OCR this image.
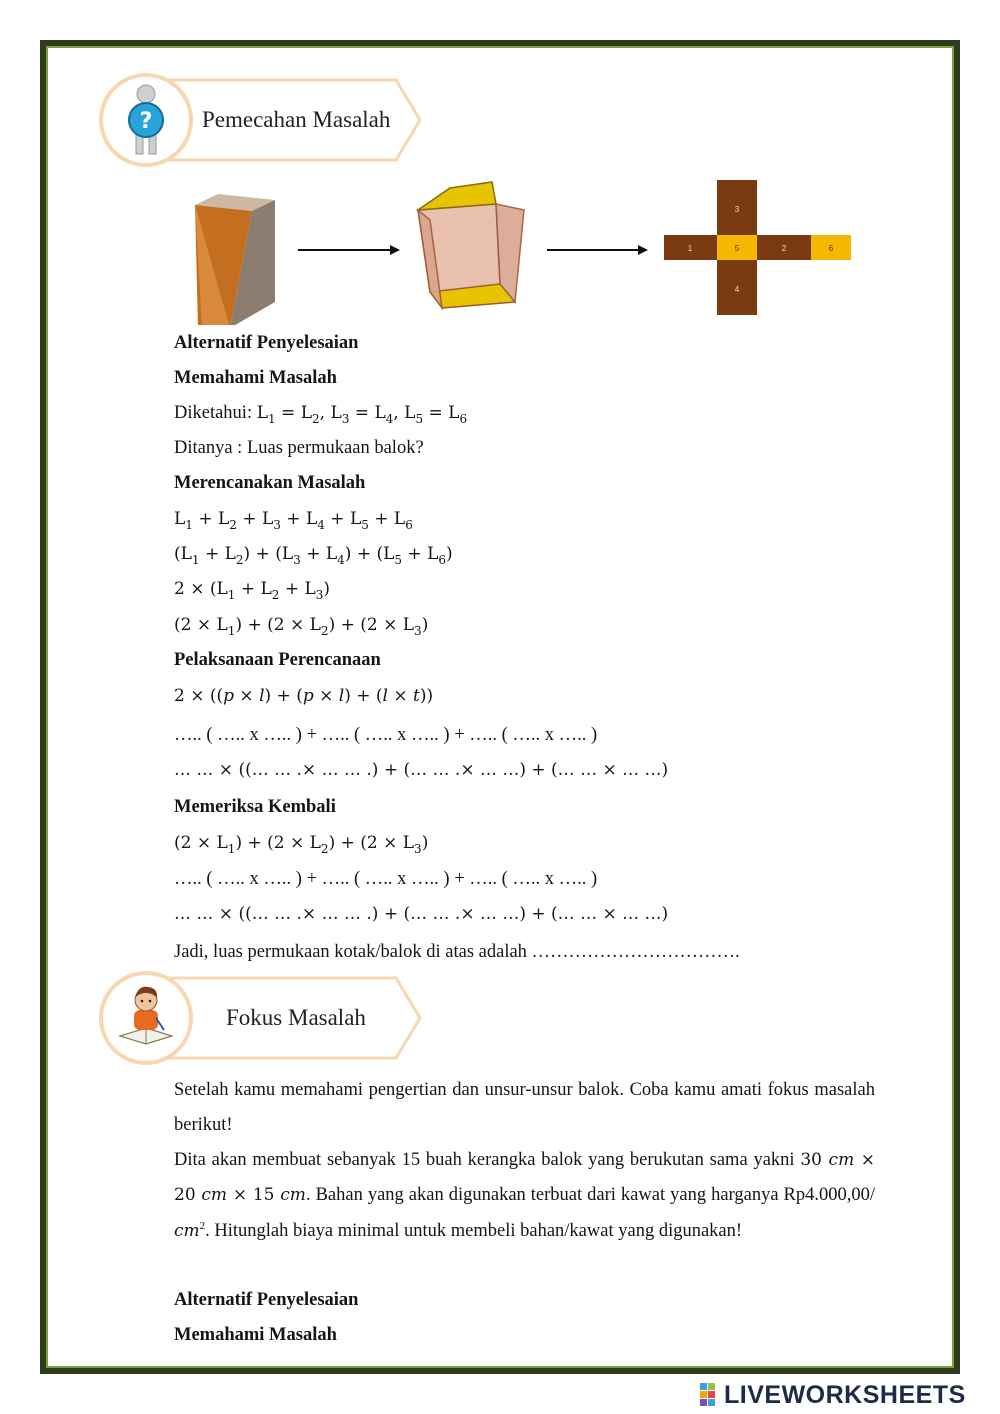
? Pemecahan Masalah
3
1	5	2	6
4
Alternatif Penyelesaian
Memahami Masalah
Diketahui: $L_1 = L_2$, $L_3 = L_4$, $L_5 = L_6$
Ditanya : Luas permukaan balok?
Merencanakan Masalah
$L_1 + L_2 + L_3 + L_4 + L_5 + L_6$
$(L_1 + L_2) + (L_3 + L_4) + (L_5 + L_6)$
$2 \times (L_1 + L_2 + L_3)$
$(2 \times L_1) + (2 \times L_2) + (2 \times L_3)$
Pelaksanaan Perencanaan
2 × ((𝑝 × 𝑙) + (𝑝 × 𝑙) + (𝑙 × 𝑡))
….. ( ….. x ….. ) + ….. ( ….. x ….. ) + ….. ( ….. x ….. )
… … × ((… … .× … … .) + (… … .× … …) + (… … × … …)
Memeriksa Kembali
$(2 \times L_1) + (2 \times L_2) + (2 \times L_3)$
….. ( ….. x ….. ) + ….. ( ….. x ….. ) + ….. ( ….. x ….. )
… … × ((… … .× … … .) + (… … .× … …) + (… … × … …)
Jadi, luas permukaan kotak/balok di atas adalah …………………………….
Fokus Masalah
Setelah kamu memahami pengertian dan unsur-unsur balok. Coba kamu amati fokus masalah berikut!
Dita akan membuat sebanyak 15 buah kerangka balok yang berukutan sama yakni 30 𝑐𝑚 × 20 𝑐𝑚 × 15 𝑐𝑚. Bahan yang akan digunakan terbuat dari kawat yang harganya Rp4.000,00/𝑐𝑚$^2$. Hitunglah biaya minimal untuk membeli bahan/kawat yang digunakan!
Alternatif Penyelesaian
Memahami Masalah
LIVEWORKSHEETS
